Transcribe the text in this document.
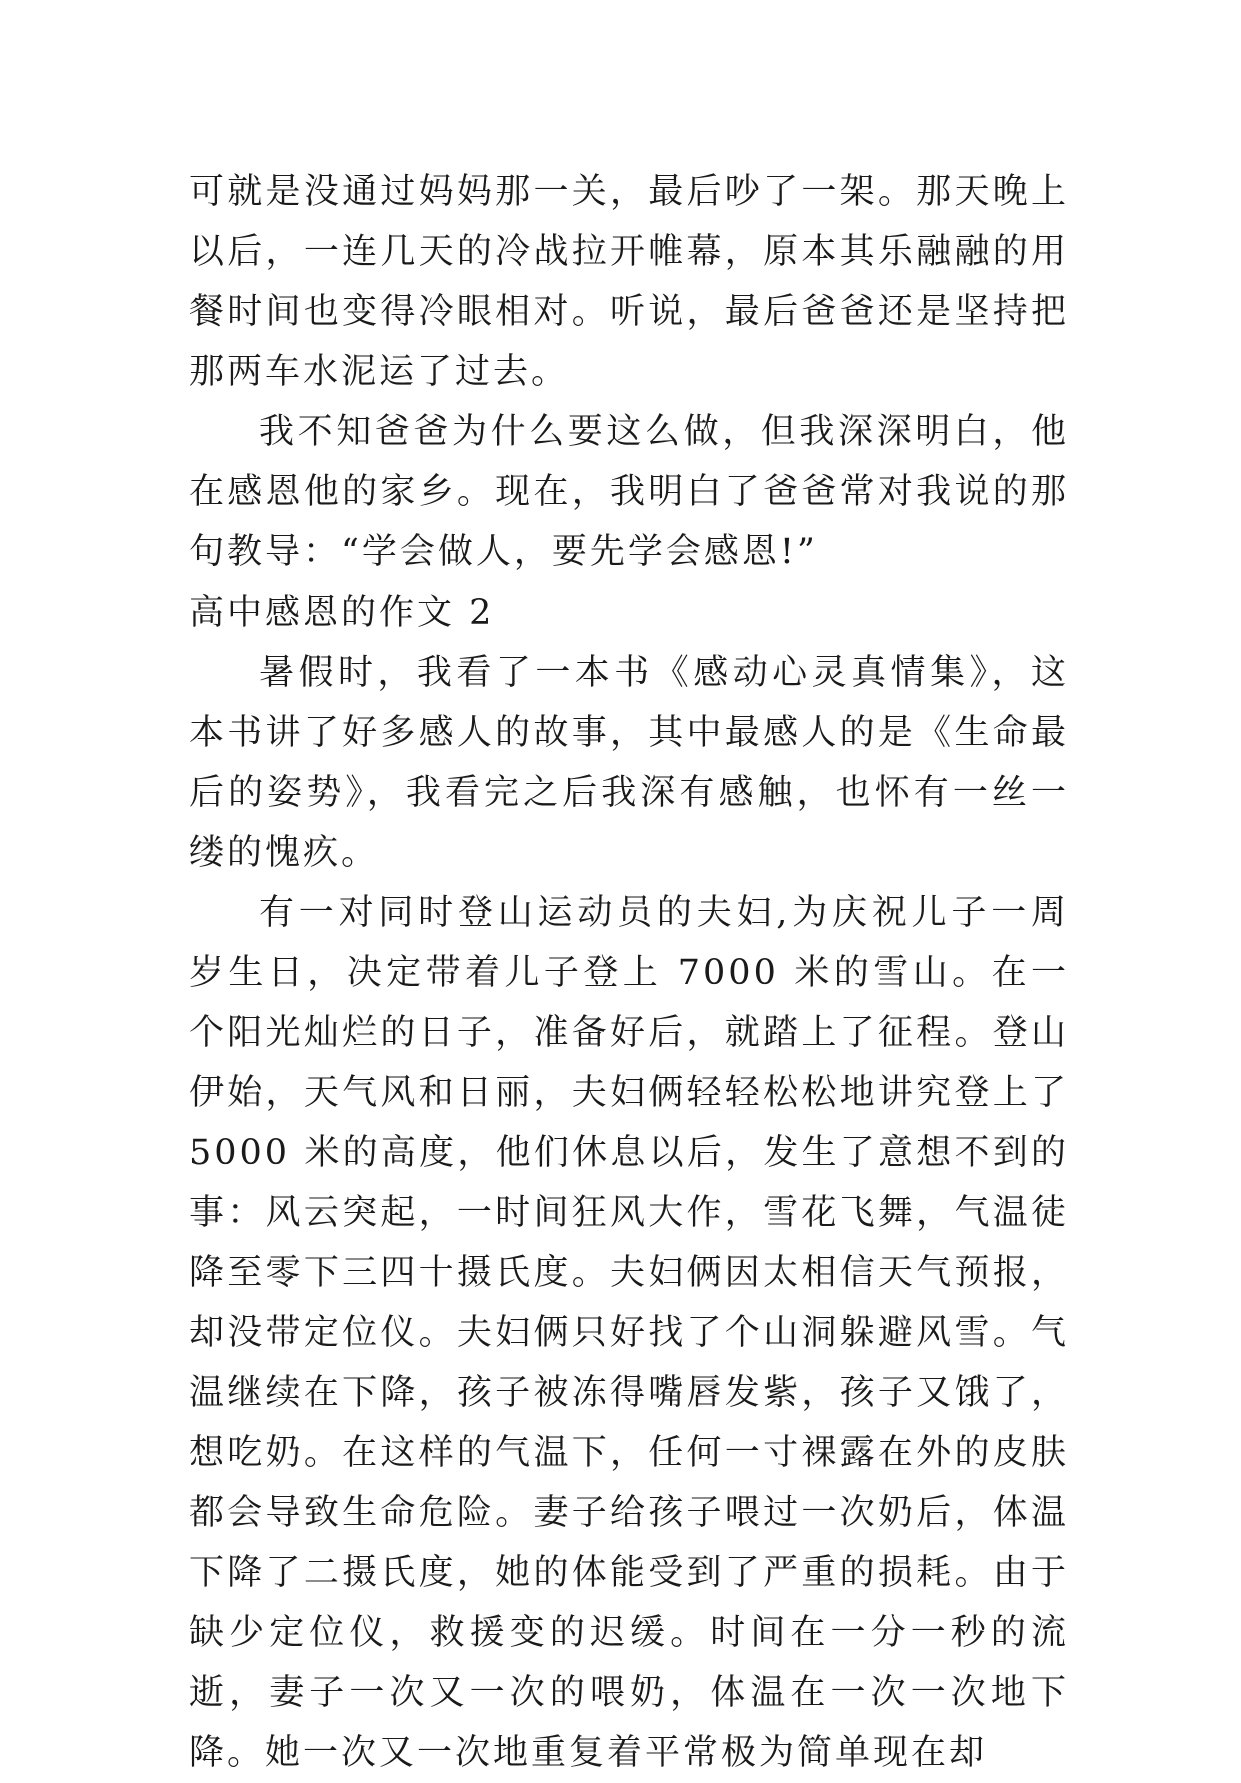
可就是没通过妈妈那一关，最后吵了一架。那天晚上以后，一连几天的冷战拉开帷幕，原本其乐融融的用餐时间也变得冷眼相对。听说，最后爸爸还是坚持把那两车水泥运了过去。

我不知爸爸为什么要这么做，但我深深明白，他在感恩他的家乡。现在，我明白了爸爸常对我说的那句教导：“学会做人，要先学会感恩!”

高中感恩的作文 2

暑假时，我看了一本书《感动心灵真情集》，这本书讲了好多感人的故事，其中最感人的是《生命最后的姿势》，我看完之后我深有感触，也怀有一丝一缕的愧疚。

有一对同时登山运动员的夫妇,为庆祝儿子一周岁生日，决定带着儿子登上 7000 米的雪山。在一个阳光灿烂的日子，准备好后，就踏上了征程。登山伊始，天气风和日丽，夫妇俩轻轻松松地讲究登上了 5000 米的高度，他们休息以后，发生了意想不到的事：风云突起，一时间狂风大作，雪花飞舞，气温徒降至零下三四十摄氏度。夫妇俩因太相信天气预报，却没带定位仪。夫妇俩只好找了个山洞躲避风雪。气温继续在下降，孩子被冻得嘴唇发紫，孩子又饿了，想吃奶。在这样的气温下，任何一寸裸露在外的皮肤都会导致生命危险。妻子给孩子喂过一次奶后，体温下降了二摄氏度，她的体能受到了严重的损耗。由于缺少定位仪，救援变的迟缓。时间在一分一秒的流逝，妻子一次又一次的喂奶，体温在一次一次地下降。她一次又一次地重复着平常极为简单现在却
